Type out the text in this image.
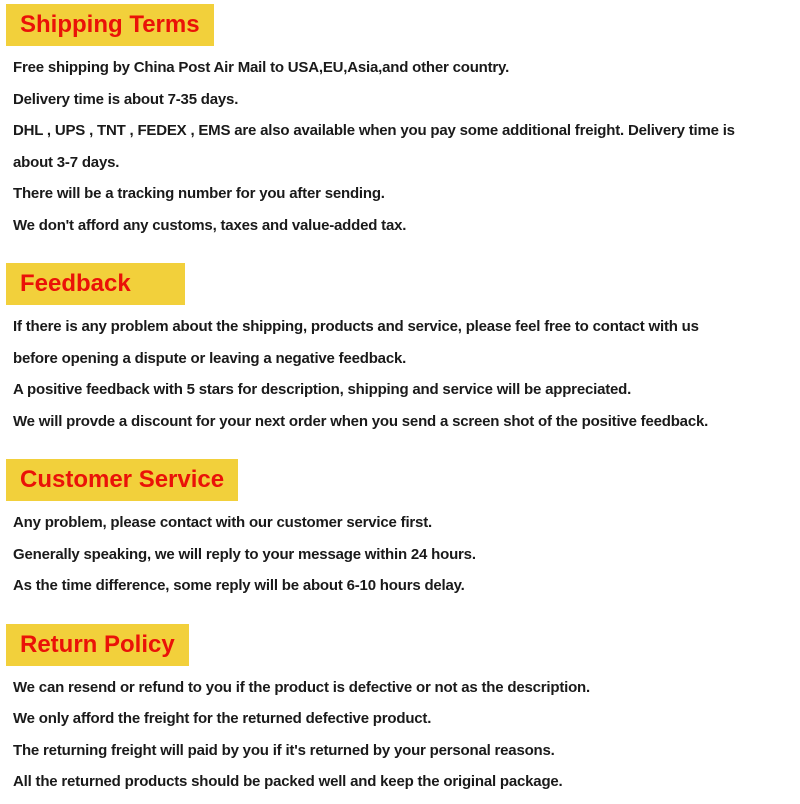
Shipping Terms

Free shipping by China Post Air Mail to USA,EU,Asia,and other country.

Delivery time is about 7-35 days.

DHL , UPS , TNT , FEDEX , EMS are also available when you pay some additional freight. Delivery time is

about 3-7 days.

There will be a tracking number for you after sending.

We don't afford any customs, taxes and value-added tax.

Feedback

If there is any problem about the shipping, products and service, please feel free to contact with us

before opening a dispute or leaving a negative feedback.

A positive feedback with 5 stars for description, shipping and service will be appreciated.

We will provde a discount for your next order when you send a screen shot of the positive feedback.

Customer Service

Any problem, please contact with our customer service first.

Generally speaking, we will reply to your message within 24 hours.

As the time difference, some reply will be about 6-10 hours delay.

Return Policy

We can resend or refund to you if the product is defective or not as the description.

We only afford the freight for the returned defective product.

The returning freight will paid by you if it's returned by your personal reasons.

All the returned products should be packed well and keep the original package.
